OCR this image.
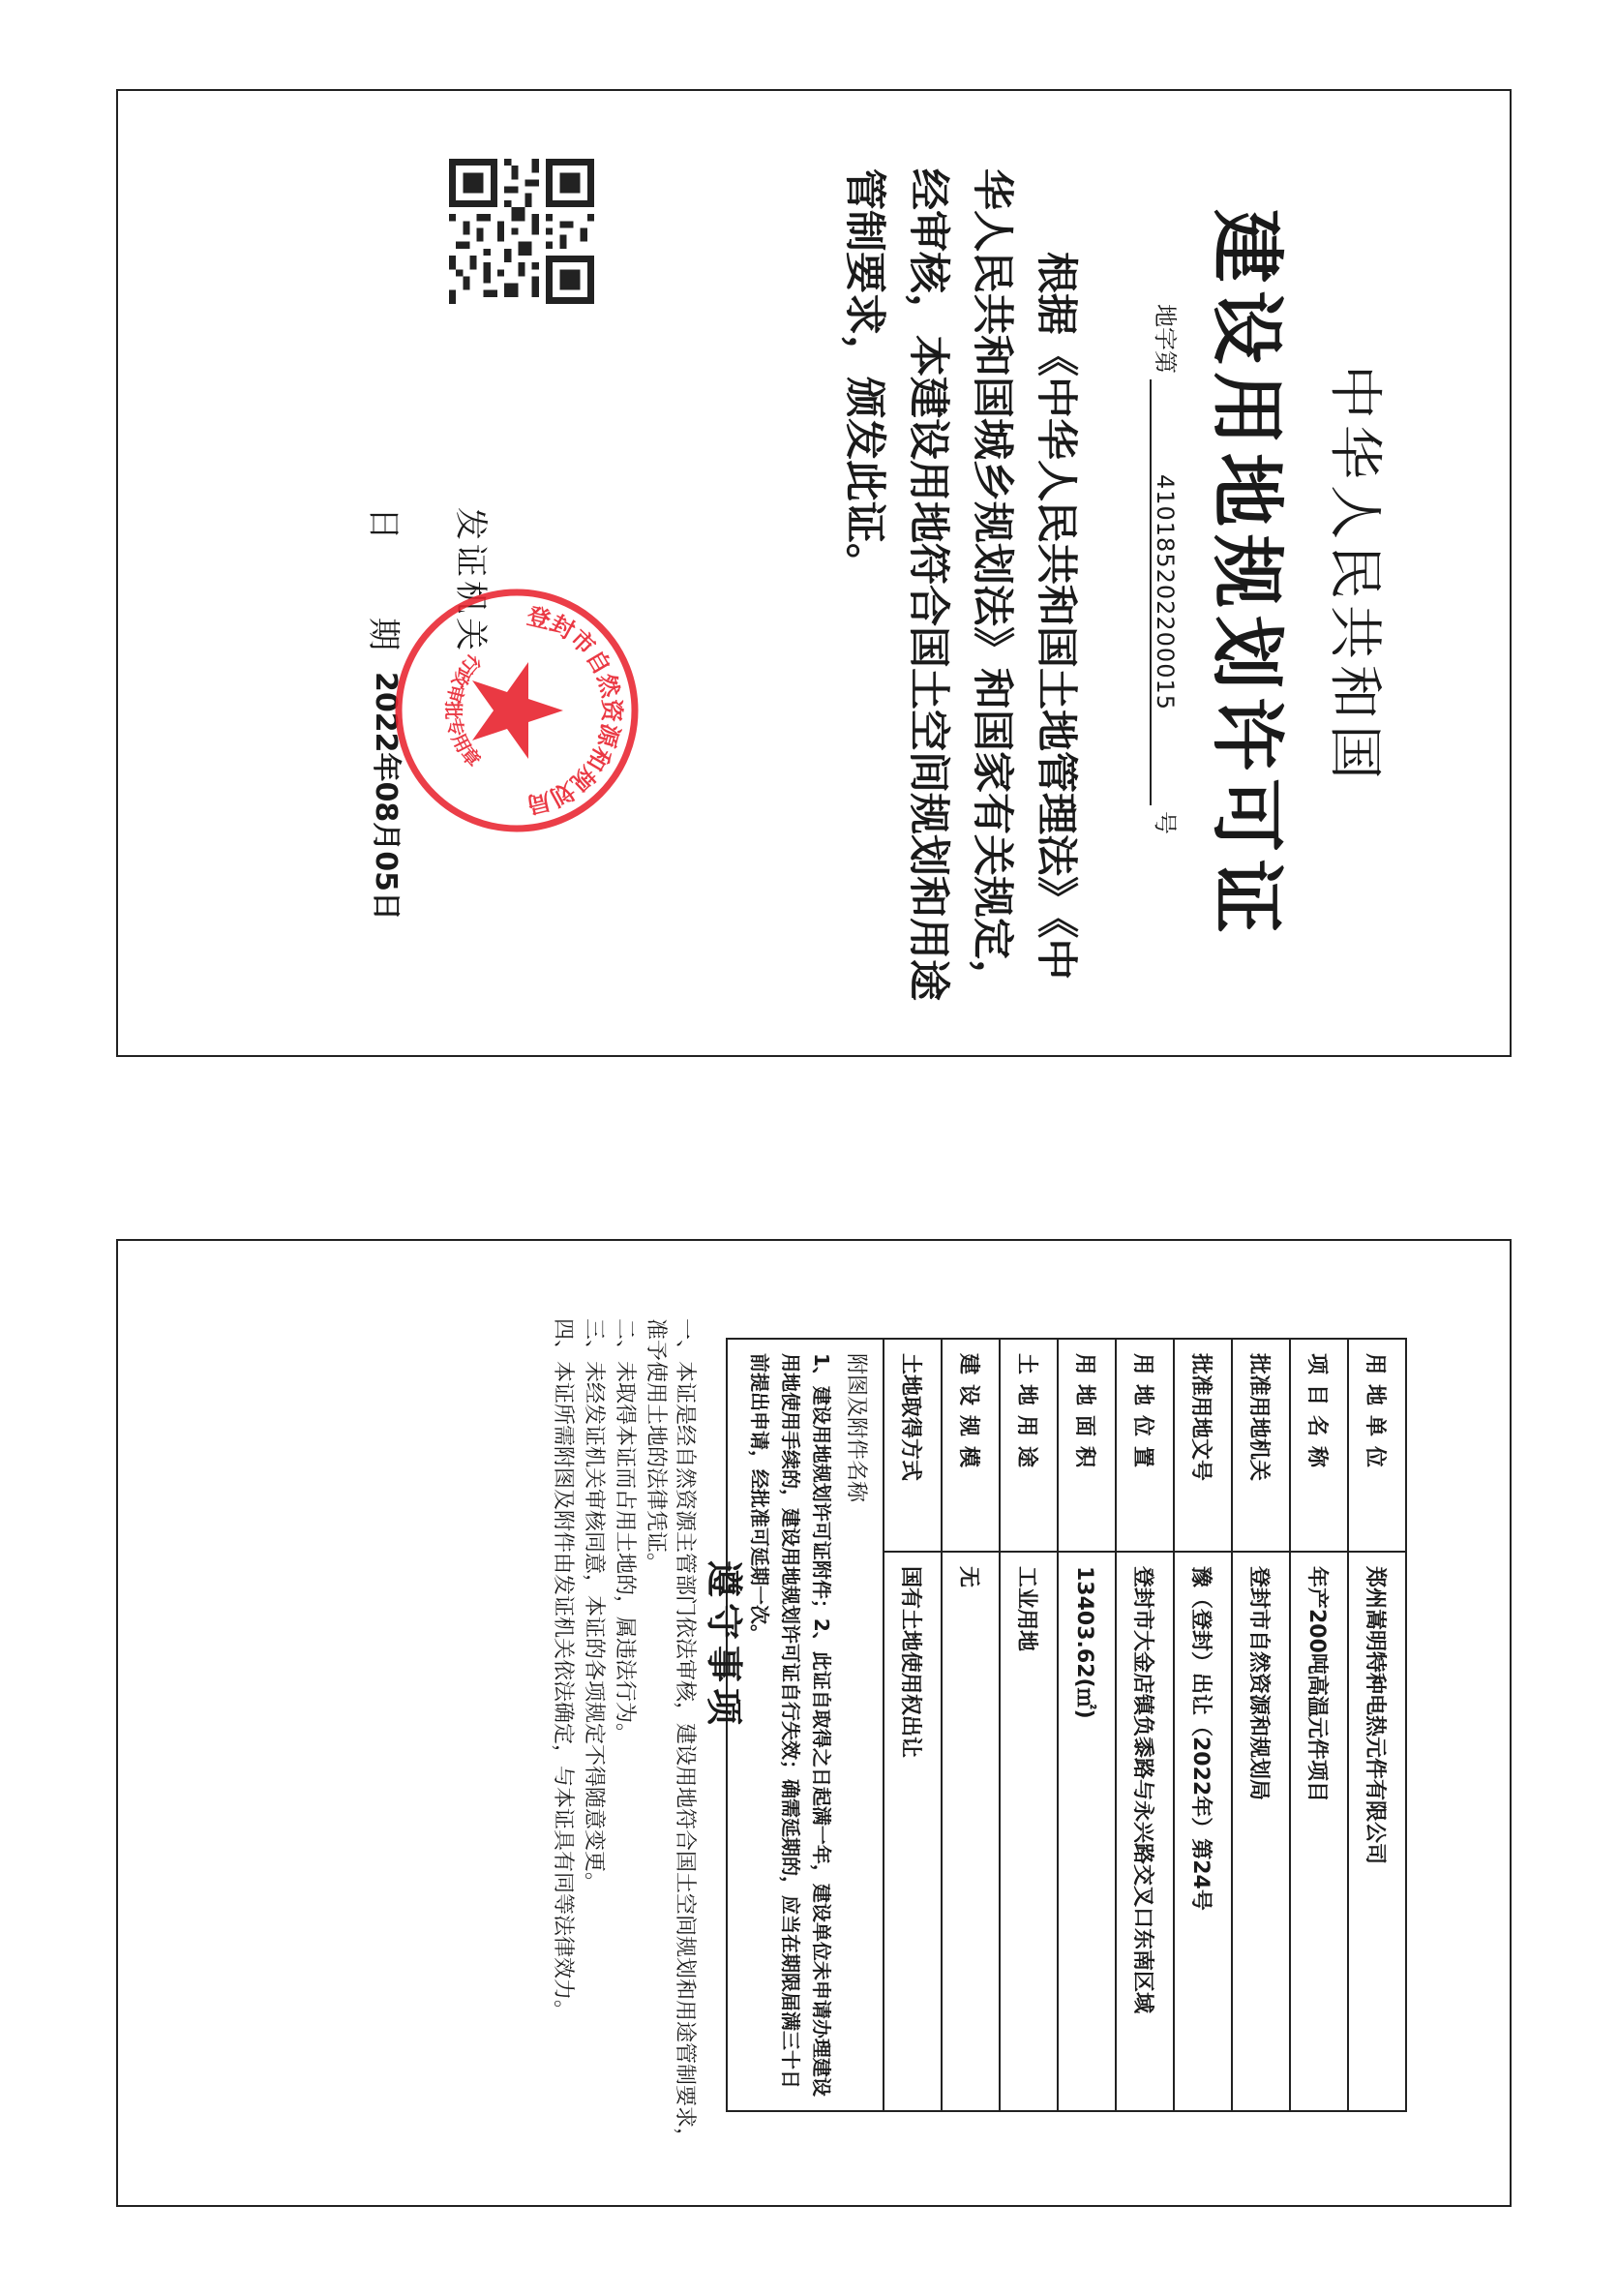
中华人民共和国
建设用地规划许可证
地字第410185202200015号
根据《中华人民共和国土地管理法》《中华人民共和国城乡规划法》和国家有关规定，经审核，本建设用地符合国土空间规划和用途管制要求，颁发此证。
发证机关
日期
2022年08月05日
登封市自然资源和规划局
行政审批专用章
用地单位	郑州嵩明特种电热元件有限公司
项目名称	年产200吨高温元件项目
批准用地机关	登封市自然资源和规划局
批准用地文号	豫（登封）出让（2022年）第24号
用地位置	登封市大金店镇负黍路与永兴路交叉口东南区域
用地面积	13403.62(㎡)
土地用途	工业用地
建设规模	无
土地取得方式	国有土地使用权出让

附图及附件名称
1、建设用地规划许可证附件；2、此证自取得之日起满一年，建设单位未申请办理建设用地使用手续的，建设用地规划许可证自行失效；确需延期的，应当在期限届满三十日前提出申请，经批准可延期一次。	
遵守事项
一、本证是经自然资源主管部门依法审核，建设用地符合国土空间规划和用途管制要求，准予使用土地的法律凭证。
二、未取得本证而占用土地的，属违法行为。
三、未经发证机关审核同意，本证的各项规定不得随意变更。
四、本证所需附图及附件由发证机关依法确定，与本证具有同等法律效力。
